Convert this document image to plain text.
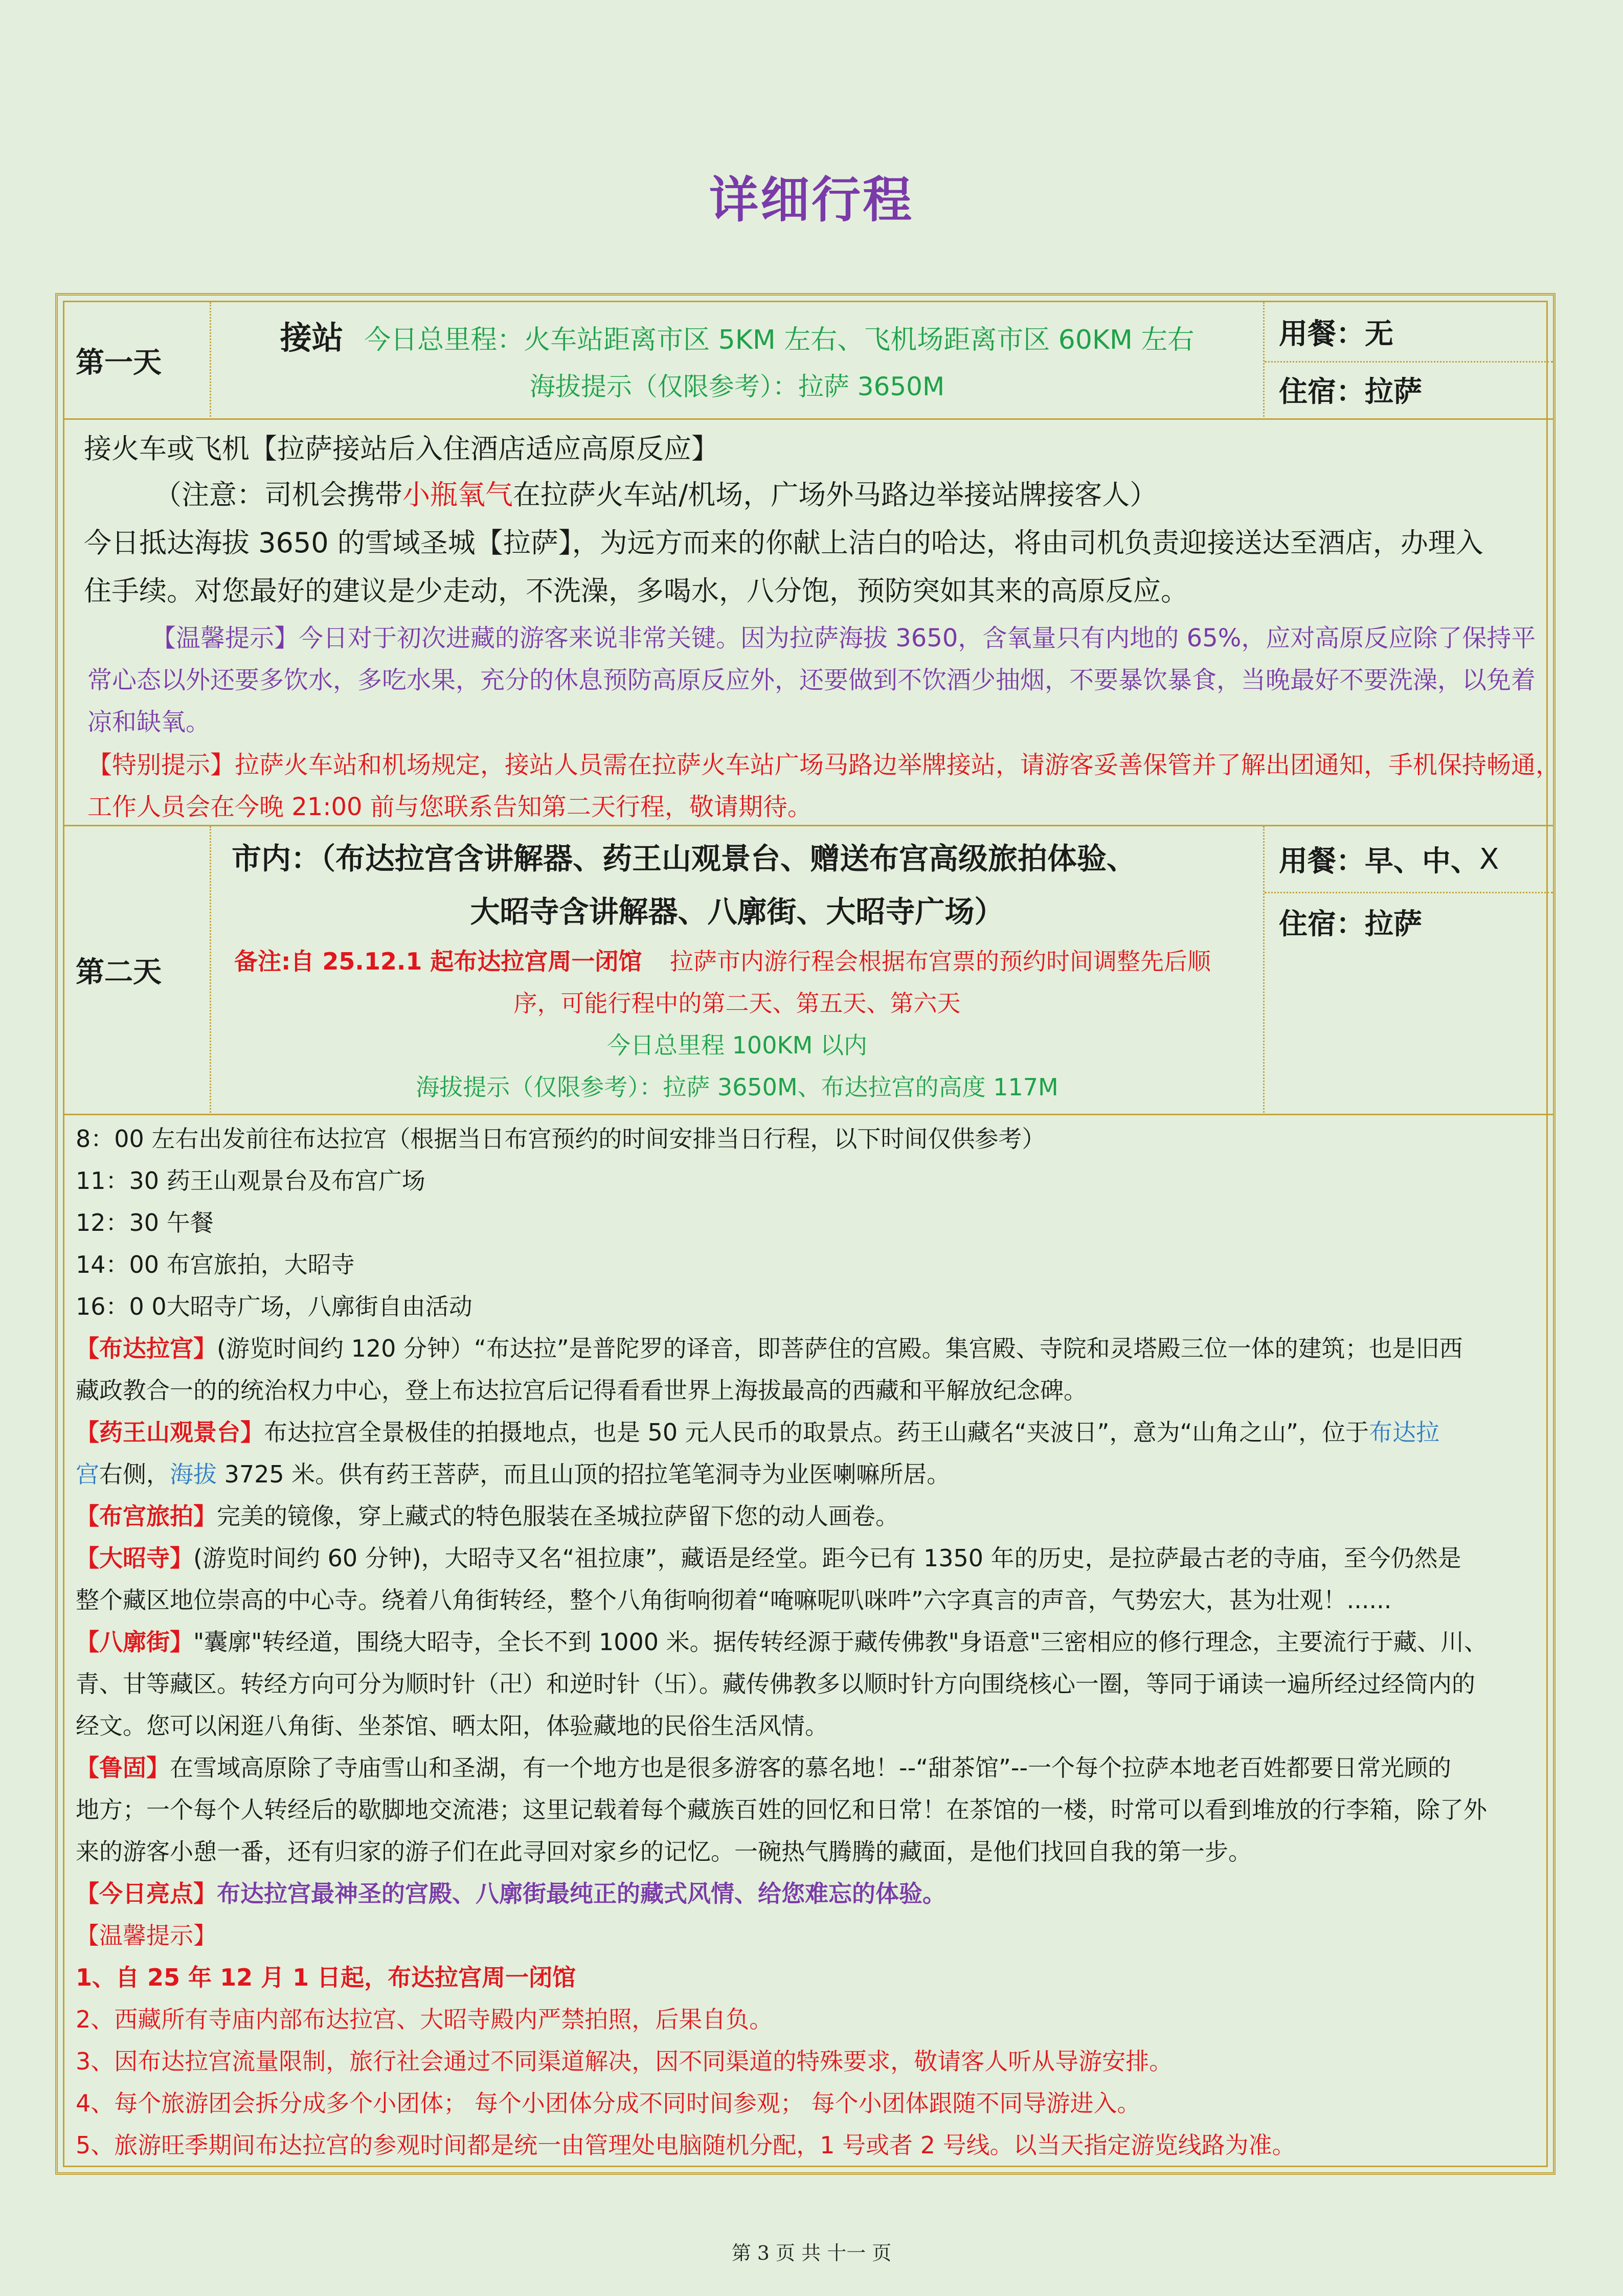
详细行程
第一天
接站 今日总里程：火车站距离市区 5KM 左右、飞机场距离市区 60KM 左右
海拔提示（仅限参考）：拉萨 3650M
用餐： 无
住宿： 拉萨
接火车或飞机【拉萨接站后入住酒店适应高原反应】
（注意：司机会携带小瓶氧气在拉萨火车站/机场，广场外马路边举接站牌接客人）
今日抵达海拔 3650 的雪域圣城【拉萨】，为远方而来的你献上洁白的哈达，将由司机负责迎接送达至酒店，办理入
住手续。对您最好的建议是少走动，不洗澡，多喝水，八分饱，预防突如其来的高原反应。
【温馨提示】今日对于初次进藏的游客来说非常关键。因为拉萨海拔 3650，含氧量只有内地的 65%，应对高原反应除了保持平
常心态以外还要多饮水，多吃水果，充分的休息预防高原反应外，还要做到不饮酒少抽烟，不要暴饮暴食，当晚最好不要洗澡，以免着
凉和缺氧。
【特别提示】拉萨火车站和机场规定，接站人员需在拉萨火车站广场马路边举牌接站，请游客妥善保管并了解出团通知，手机保持畅通，
工作人员会在今晚 21:00 前与您联系告知第二天行程，敬请期待。
第二天
市内：（布达拉宫含讲解器、药王山观景台、赠送布宫高级旅拍体验、
大昭寺含讲解器、八廓街、大昭寺广场）
备注:自 25.12.1 起布达拉宫周一闭馆 拉萨市内游行程会根据布宫票的预约时间调整先后顺
序，可能行程中的第二天、第五天、第六天
今日总里程 100KM 以内
海拔提示（仅限参考）：拉萨 3650M、布达拉宫的高度 117M
用餐： 早、中、 X
住宿： 拉萨
8：00 左右出发前往布达拉宫（根据当日布宫预约的时间安排当日行程，以下时间仅供参考）
11：30 药王山观景台及布宫广场
12：30 午餐
14：00 布宫旅拍，大昭寺
16：0 0大昭寺广场，八廓街自由活动
【布达拉宫】(游览时间约 120 分钟）“布达拉”是普陀罗的译音，即菩萨住的宫殿。集宫殿、寺院和灵塔殿三位一体的建筑；也是旧西
藏政教合一的的统治权力中心，登上布达拉宫后记得看看世界上海拔最高的西藏和平解放纪念碑。
【药王山观景台】布达拉宫全景极佳的拍摄地点，也是 50 元人民币的取景点。药王山藏名“夹波日”，意为“山角之山”，位于布达拉
宫右侧，海拔 3725 米。供有药王菩萨，而且山顶的招拉笔笔洞寺为业医喇嘛所居。
【布宫旅拍】完美的镜像，穿上藏式的特色服装在圣城拉萨留下您的动人画卷。
【大昭寺】(游览时间约 60 分钟)，大昭寺又名“祖拉康”，藏语是经堂。距今已有 1350 年的历史，是拉萨最古老的寺庙，至今仍然是
整个藏区地位崇高的中心寺。绕着八角街转经，整个八角街响彻着“唵嘛呢叭咪吽”六字真言的声音，气势宏大，甚为壮观！......
【八廓街】"囊廓"转经道，围绕大昭寺，全长不到 1000 米。据传转经源于藏传佛教"身语意"三密相应的修行理念，主要流行于藏、川、
青、甘等藏区。转经方向可分为顺时针（卍）和逆时针（卐）。藏传佛教多以顺时针方向围绕核心一圈，等同于诵读一遍所经过经筒内的
经文。您可以闲逛八角街、坐茶馆、晒太阳，体验藏地的民俗生活风情。
【鲁固】在雪域高原除了寺庙雪山和圣湖，有一个地方也是很多游客的慕名地！--“甜茶馆”--一个每个拉萨本地老百姓都要日常光顾的
地方；一个每个人转经后的歇脚地交流港；这里记载着每个藏族百姓的回忆和日常！在茶馆的一楼，时常可以看到堆放的行李箱，除了外
来的游客小憩一番，还有归家的游子们在此寻回对家乡的记忆。一碗热气腾腾的藏面，是他们找回自我的第一步。
【今日亮点】布达拉宫最神圣的宫殿、八廓街最纯正的藏式风情、给您难忘的体验。
【温馨提示】
1、自 25 年 12 月 1 日起，布达拉宫周一闭馆
2、西藏所有寺庙内部布达拉宫、大昭寺殿内严禁拍照，后果自负。
3、因布达拉宫流量限制，旅行社会通过不同渠道解决，因不同渠道的特殊要求，敬请客人听从导游安排。
4、每个旅游团会拆分成多个小团体； 每个小团体分成不同时间参观； 每个小团体跟随不同导游进入。
5、旅游旺季期间布达拉宫的参观时间都是统一由管理处电脑随机分配，1 号或者 2 号线。以当天指定游览线路为准。
第 3 页 共 十一 页
